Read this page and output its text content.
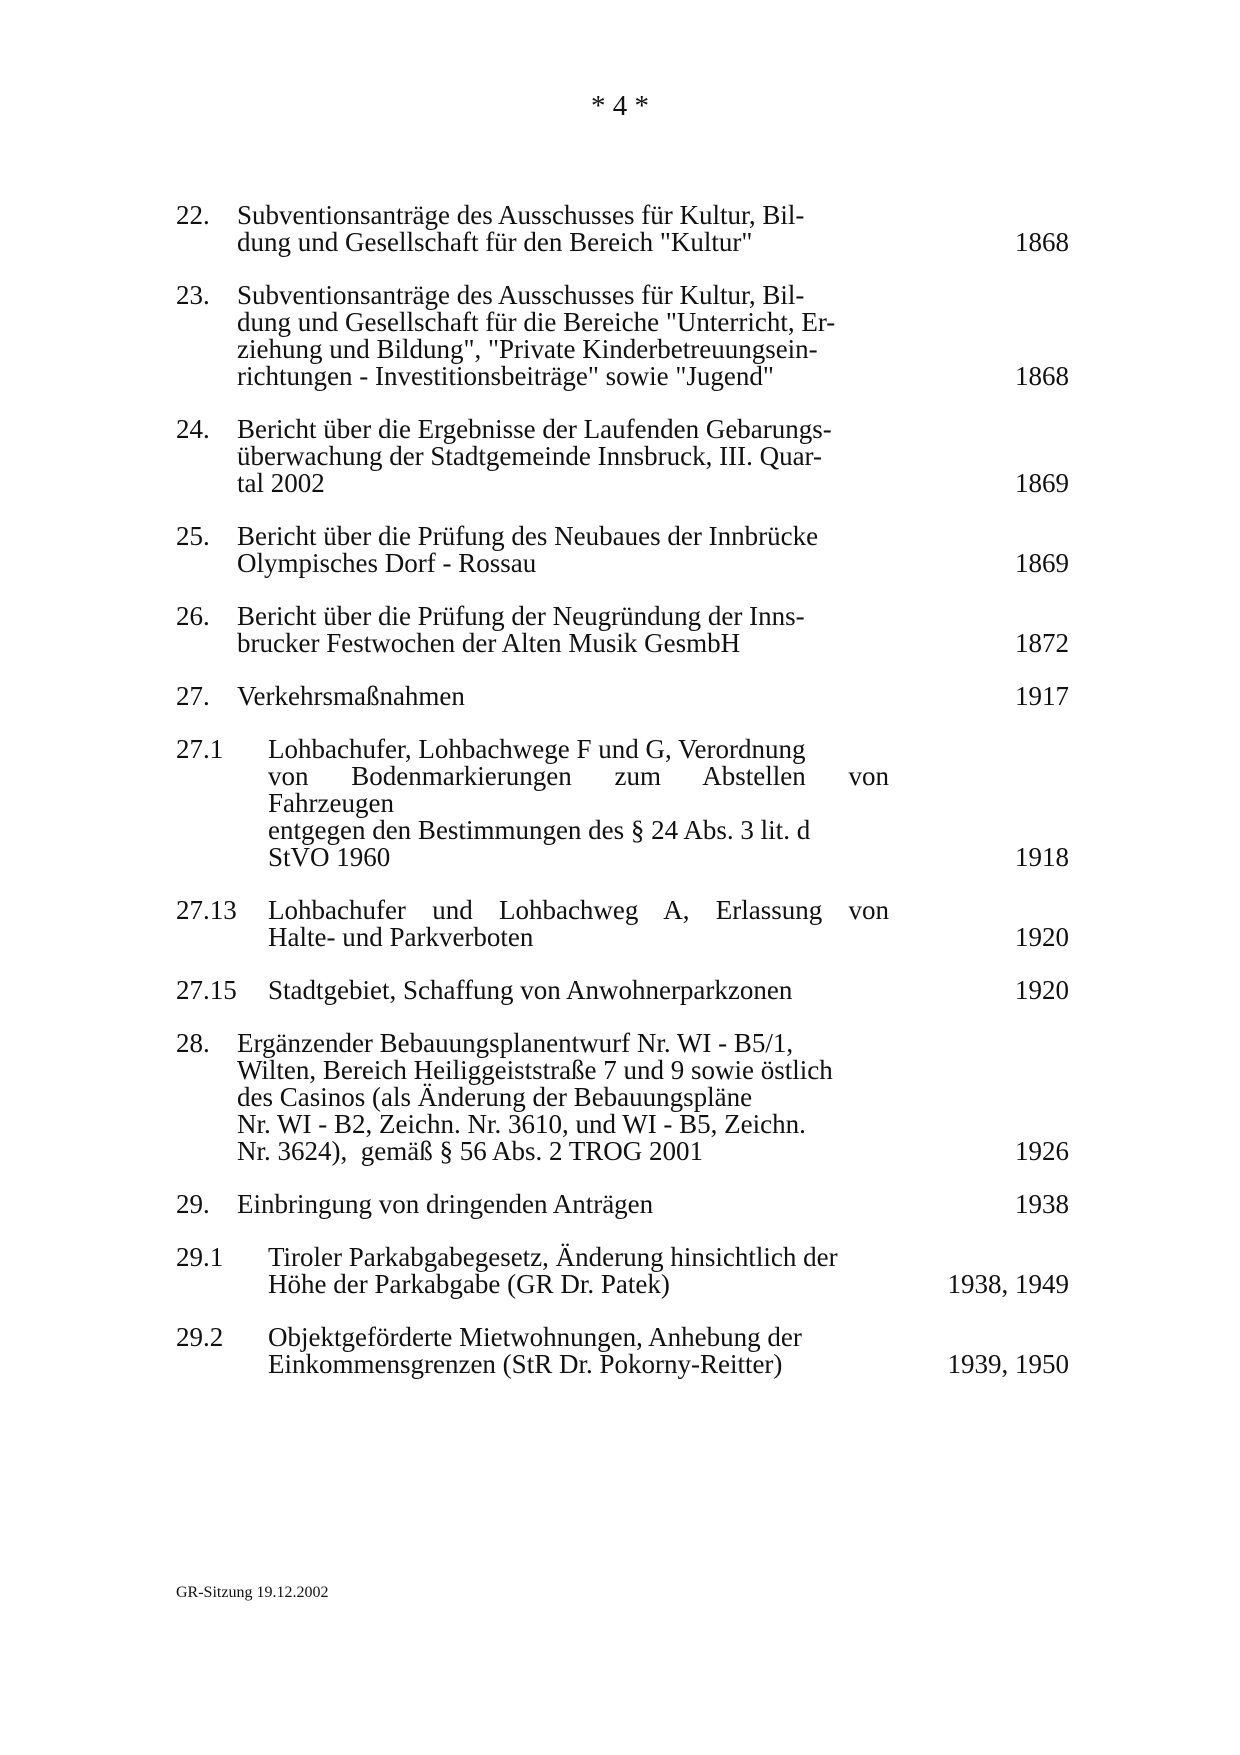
* 4 *
22. Subventionsanträge des Ausschusses für Kultur, Bil-
dung und Gesellschaft für den Bereich "Kultur"	1868
23. Subventionsanträge des Ausschusses für Kultur, Bil-
dung und Gesellschaft für die Bereiche "Unterricht, Er-
ziehung und Bildung", "Private Kinderbetreuungsein-
richtungen - Investitionsbeiträge" sowie "Jugend"	1868
24. Bericht über die Ergebnisse der Laufenden Gebarungs-
überwachung der Stadtgemeinde Innsbruck, III. Quar-
tal 2002	1869
25. Bericht über die Prüfung des Neubaues der Innbrücke
Olympisches Dorf - Rossau	1869
26. Bericht über die Prüfung der Neugründung der Inns-
brucker Festwochen der Alten Musik GesmbH	1872
27. Verkehrsmaßnahmen	1917
27.1 Lohbachufer, Lohbachwege F und G, Verordnung
von Bodenmarkierungen zum Abstellen von
Fahrzeugen
entgegen den Bestimmungen des § 24 Abs. 3 lit. d
StVO 1960	1918
27.13 Lohbachufer und Lohbachweg A, Erlassung von
Halte- und Parkverboten	1920
27.15 Stadtgebiet, Schaffung von Anwohnerparkzonen	1920
28. Ergänzender Bebauungsplanentwurf Nr. WI - B5/1,
Wilten, Bereich Heiliggeiststraße 7 und 9 sowie östlich
des Casinos (als Änderung der Bebauungspläne
Nr. WI - B2, Zeichn. Nr. 3610, und WI - B5, Zeichn.
Nr. 3624),  gemäß § 56 Abs. 2 TROG 2001	1926
29. Einbringung von dringenden Anträgen	1938
29.1 Tiroler Parkabgabegesetz, Änderung hinsichtlich der
Höhe der Parkabgabe (GR Dr. Patek)	1938, 1949
29.2 Objektgeförderte Mietwohnungen, Anhebung der
Einkommensgrenzen (StR Dr. Pokorny-Reitter)	1939, 1950
GR-Sitzung 19.12.2002
